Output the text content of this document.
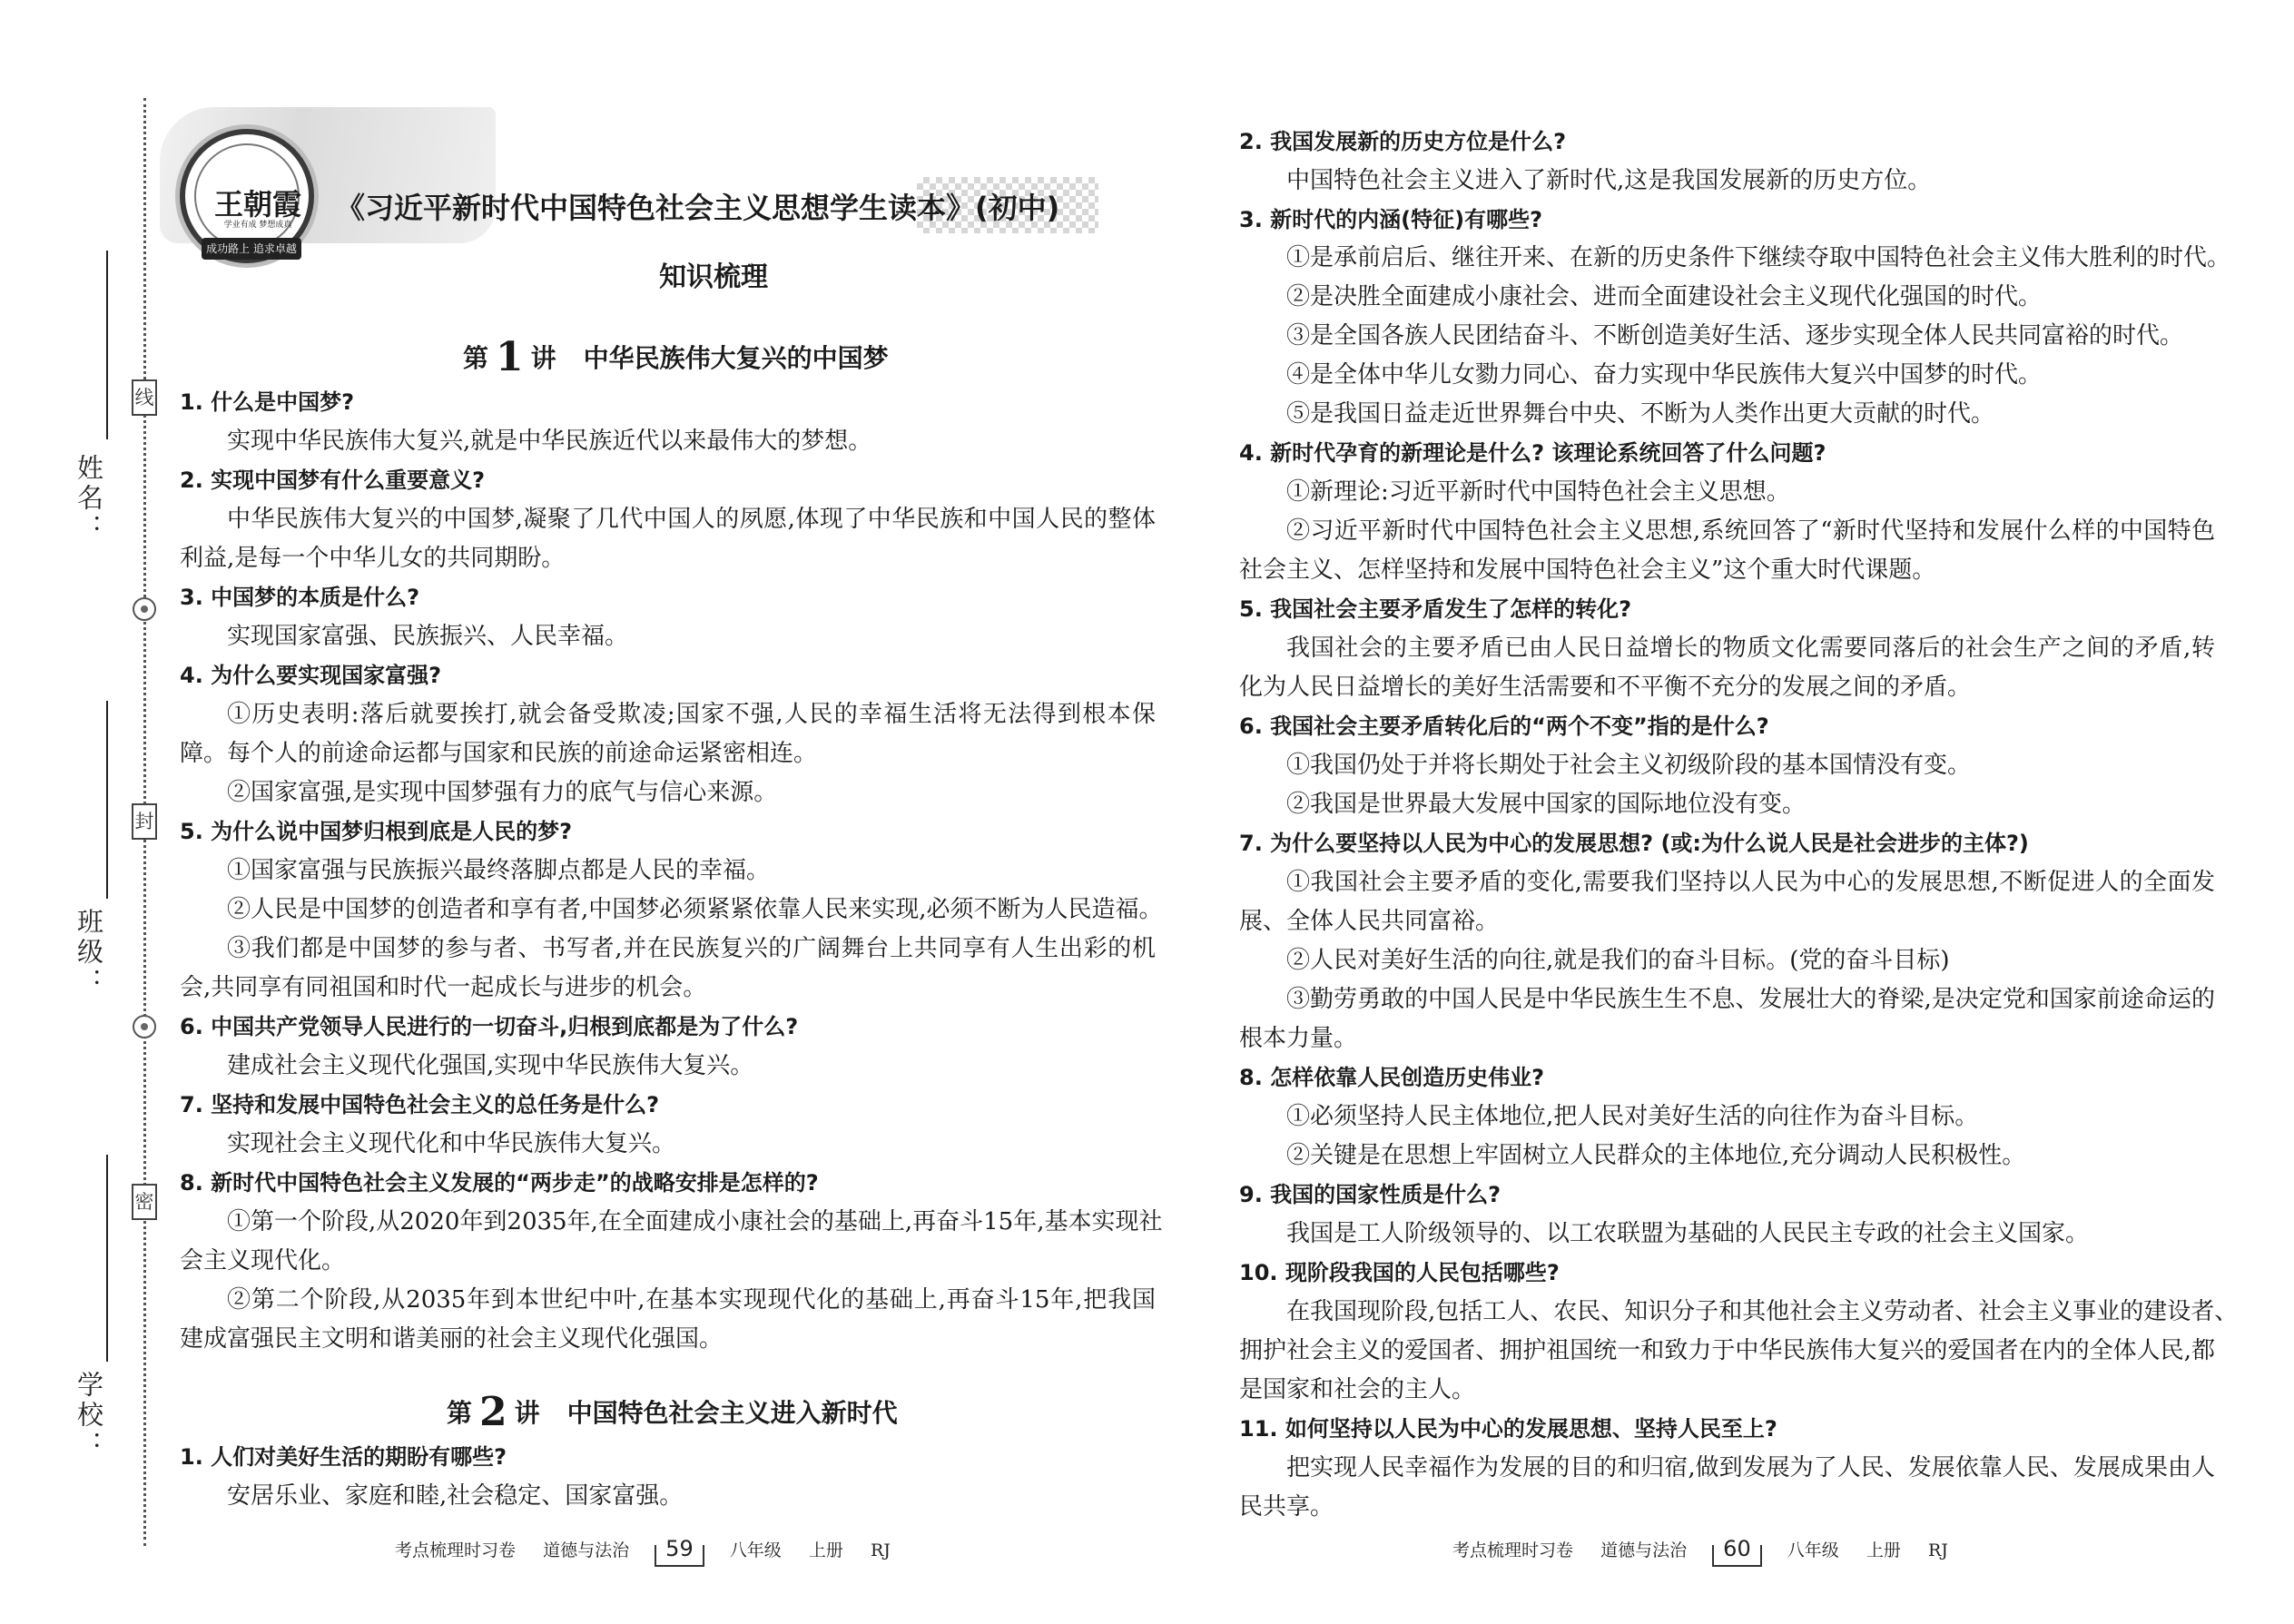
姓名：
班级：
学校：
线
封
密
王朝霞
学业有成 梦想成真
成功路上 追求卓越
《习近平新时代中国特色社会主义思想学生读本》(初中)
知识梳理
第 1 讲 中华民族伟大复兴的中国梦
第 2 讲 中国特色社会主义进入新时代
1. 什么是中国梦?
实现中华民族伟大复兴,就是中华民族近代以来最伟大的梦想。
2. 实现中国梦有什么重要意义?
中华民族伟大复兴的中国梦,凝聚了几代中国人的夙愿,体现了中华民族和中国人民的整体
利益,是每一个中华儿女的共同期盼。
3. 中国梦的本质是什么?
实现国家富强、民族振兴、人民幸福。
4. 为什么要实现国家富强?
①历史表明:落后就要挨打,就会备受欺凌;国家不强,人民的幸福生活将无法得到根本保
障。每个人的前途命运都与国家和民族的前途命运紧密相连。
②国家富强,是实现中国梦强有力的底气与信心来源。
5. 为什么说中国梦归根到底是人民的梦?
①国家富强与民族振兴最终落脚点都是人民的幸福。
②人民是中国梦的创造者和享有者,中国梦必须紧紧依靠人民来实现,必须不断为人民造福。
③我们都是中国梦的参与者、书写者,并在民族复兴的广阔舞台上共同享有人生出彩的机
会,共同享有同祖国和时代一起成长与进步的机会。
6. 中国共产党领导人民进行的一切奋斗,归根到底都是为了什么?
建成社会主义现代化强国,实现中华民族伟大复兴。
7. 坚持和发展中国特色社会主义的总任务是什么?
实现社会主义现代化和中华民族伟大复兴。
8. 新时代中国特色社会主义发展的“两步走”的战略安排是怎样的?
①第一个阶段,从2020年到2035年,在全面建成小康社会的基础上,再奋斗15年,基本实现社
会主义现代化。
②第二个阶段,从2035年到本世纪中叶,在基本实现现代化的基础上,再奋斗15年,把我国
建成富强民主文明和谐美丽的社会主义现代化强国。
1. 人们对美好生活的期盼有哪些?
安居乐业、家庭和睦,社会稳定、国家富强。
2. 我国发展新的历史方位是什么?
中国特色社会主义进入了新时代,这是我国发展新的历史方位。
3. 新时代的内涵(特征)有哪些?
①是承前启后、继往开来、在新的历史条件下继续夺取中国特色社会主义伟大胜利的时代。
②是决胜全面建成小康社会、进而全面建设社会主义现代化强国的时代。
③是全国各族人民团结奋斗、不断创造美好生活、逐步实现全体人民共同富裕的时代。
④是全体中华儿女勠力同心、奋力实现中华民族伟大复兴中国梦的时代。
⑤是我国日益走近世界舞台中央、不断为人类作出更大贡献的时代。
4. 新时代孕育的新理论是什么? 该理论系统回答了什么问题?
①新理论:习近平新时代中国特色社会主义思想。
②习近平新时代中国特色社会主义思想,系统回答了“新时代坚持和发展什么样的中国特色
社会主义、怎样坚持和发展中国特色社会主义”这个重大时代课题。
5. 我国社会主要矛盾发生了怎样的转化?
我国社会的主要矛盾已由人民日益增长的物质文化需要同落后的社会生产之间的矛盾,转
化为人民日益增长的美好生活需要和不平衡不充分的发展之间的矛盾。
6. 我国社会主要矛盾转化后的“两个不变”指的是什么?
①我国仍处于并将长期处于社会主义初级阶段的基本国情没有变。
②我国是世界最大发展中国家的国际地位没有变。
7. 为什么要坚持以人民为中心的发展思想? (或:为什么说人民是社会进步的主体?)
①我国社会主要矛盾的变化,需要我们坚持以人民为中心的发展思想,不断促进人的全面发
展、全体人民共同富裕。
②人民对美好生活的向往,就是我们的奋斗目标。(党的奋斗目标)
③勤劳勇敢的中国人民是中华民族生生不息、发展壮大的脊梁,是决定党和国家前途命运的
根本力量。
8. 怎样依靠人民创造历史伟业?
①必须坚持人民主体地位,把人民对美好生活的向往作为奋斗目标。
②关键是在思想上牢固树立人民群众的主体地位,充分调动人民积极性。
9. 我国的国家性质是什么?
我国是工人阶级领导的、以工农联盟为基础的人民民主专政的社会主义国家。
10. 现阶段我国的人民包括哪些?
在我国现阶段,包括工人、农民、知识分子和其他社会主义劳动者、社会主义事业的建设者、
拥护社会主义的爱国者、拥护祖国统一和致力于中华民族伟大复兴的爱国者在内的全体人民,都
是国家和社会的主人。
11. 如何坚持以人民为中心的发展思想、坚持人民至上?
把实现人民幸福作为发展的目的和归宿,做到发展为了人民、发展依靠人民、发展成果由人
民共享。
考点梳理时习卷 道德与法治 59 八年级 上册 RJ	考点梳理时习卷 道德与法治 60 八年级 上册 RJ
